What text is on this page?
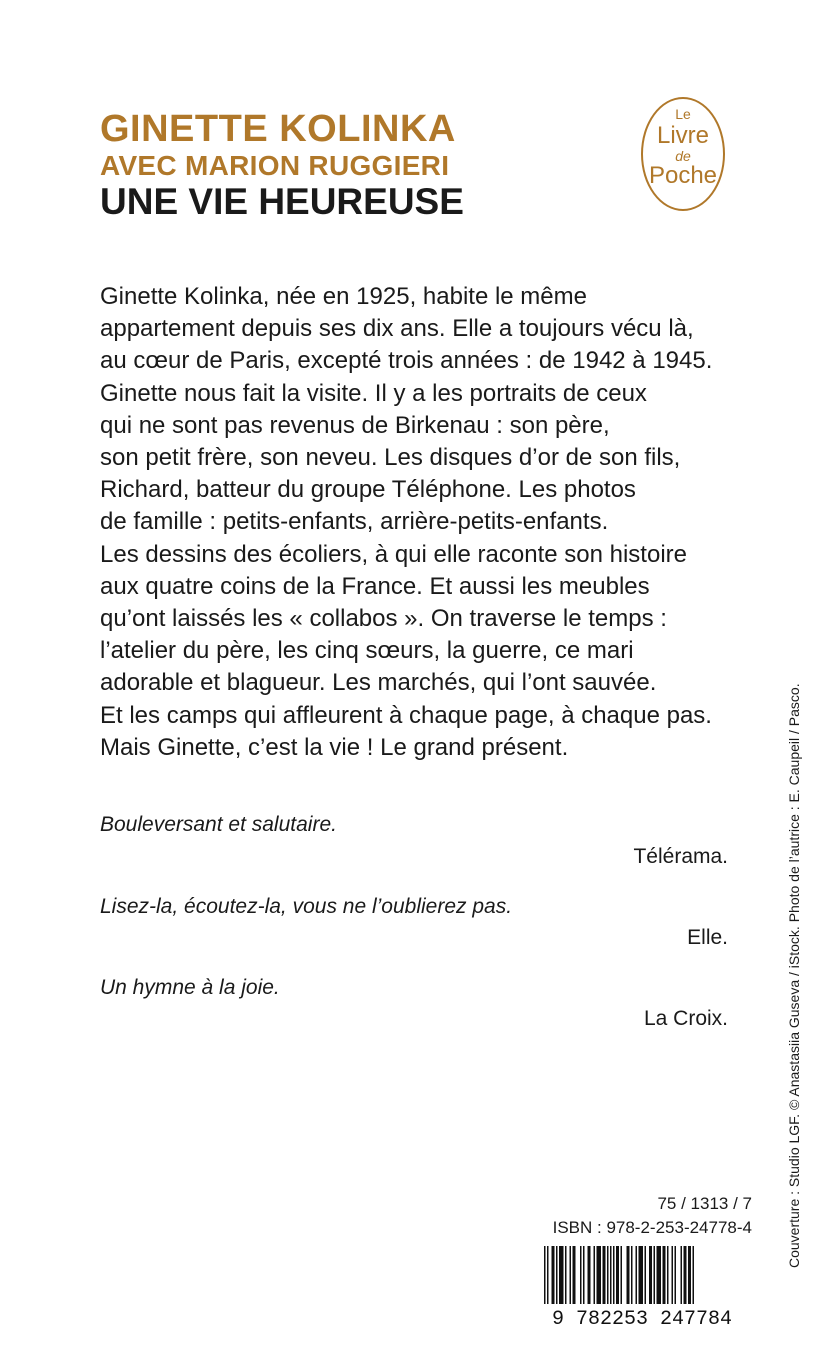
GINETTE KOLINKA
AVEC MARION RUGGIERI
UNE VIE HEUREUSE
Le
Livre
de
Poche
Ginette Kolinka, née en 1925, habite le même
appartement depuis ses dix ans. Elle a toujours vécu là,
au cœur de Paris, excepté trois années : de 1942 à 1945.
Ginette nous fait la visite. Il y a les portraits de ceux
qui ne sont pas revenus de Birkenau : son père,
son petit frère, son neveu. Les disques d’or de son fils,
Richard, batteur du groupe Téléphone. Les photos
de famille : petits-enfants, arrière-petits-enfants.
Les dessins des écoliers, à qui elle raconte son histoire
aux quatre coins de la France. Et aussi les meubles
qu’ont laissés les « collabos ». On traverse le temps :
l’atelier du père, les cinq sœurs, la guerre, ce mari
adorable et blagueur. Les marchés, qui l’ont sauvée.
Et les camps qui affleurent à chaque page, à chaque pas.
Mais Ginette, c’est la vie ! Le grand présent.
Bouleversant et salutaire.
Télérama.
Lisez-la, écoutez-la, vous ne l’oublierez pas.
Elle.
Un hymne à la joie.
La Croix.
75 / 1313 / 7
ISBN : 978-2-253-24778-4
9 782253 247784
Couverture : Studio LGF. © Anastasiia Guseva / iStock. Photo de l’autrice : E. Caupeil / Pasco.
